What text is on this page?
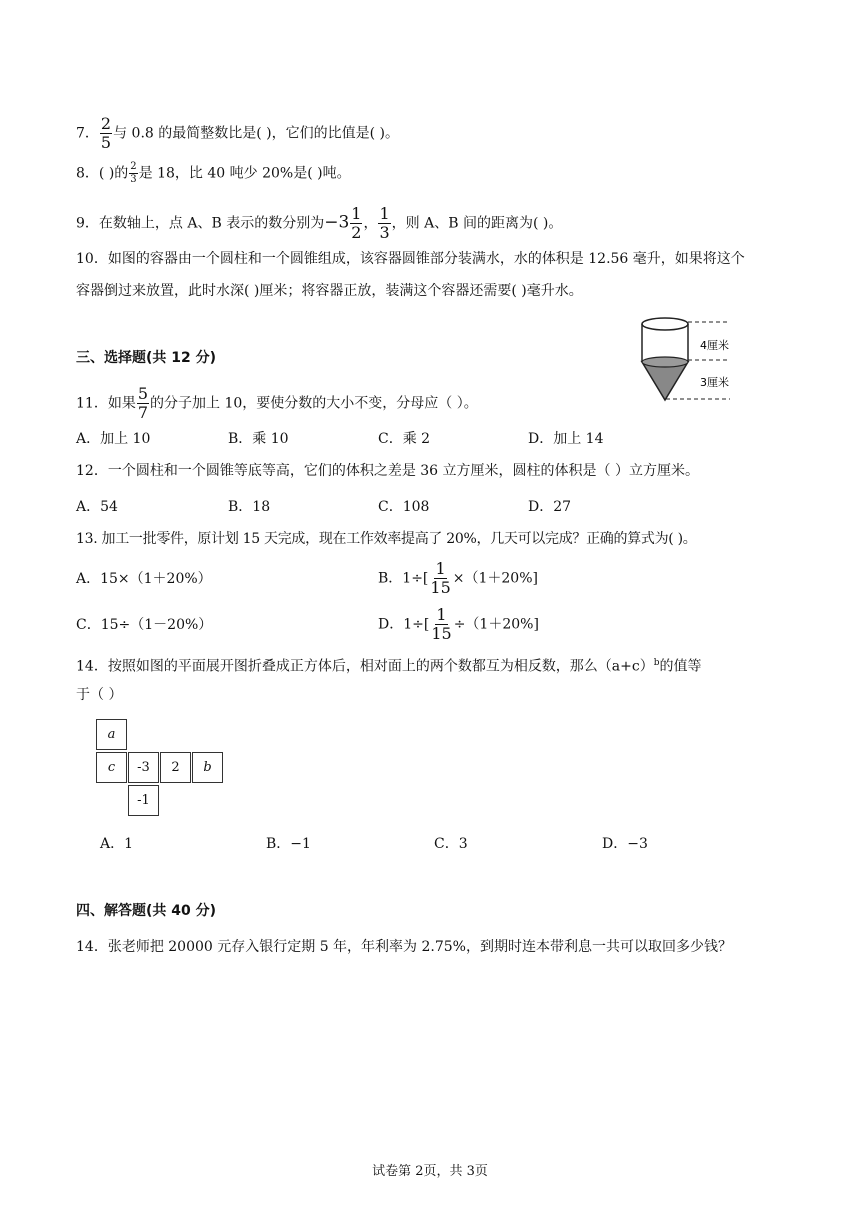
7． $\frac{2}{5}$ 与 0.8 的最简整数比是( )，它们的比值是( )。
8．( )的 $\frac{2}{3}$ 是 18，比 40 吨少 20%是( )吨。
9．在数轴上，点 A、B 表示的数分别为$-3 \frac{1}{2}$ ， $\frac{1}{3}$ ，则 A、B 间的距离为( )。
10．如图的容器由一个圆柱和一个圆锥组成，该容器圆锥部分装满水，水的体积是 12.56 毫升，如果将这个
容器倒过来放置，此时水深( )厘米；将容器正放，装满这个容器还需要( )毫升水。
4厘米
3厘米
三、选择题(共 12 分)
11．如果 $\frac{5}{7}$ 的分子加上 10，要使分数的大小不变，分母应（ ）。
A．加上 10	B．乘 10	C．乘 2	D．加上 14
12．一个圆柱和一个圆锥等底等高，它们的体积之差是 36 立方厘米，圆柱的体积是（ ）立方厘米。
A．54	B．18	C．108	D．27
13. 加工一批零件，原计划 15 天完成，现在工作效率提高了 20%，几天可以完成？正确的算式为( )。
A．15×（1＋20%）	B．$1\div[ \frac{1}{15} \times(1+20\%]$
C．15÷（1－20%）	D．$1\div[ \frac{1}{15} \div(1+20\%]$
14．按照如图的平面展开图折叠成正方体后，相对面上的两个数都互为相反数，那么$(a+c)^b$的值等
于（ ）
a
c	-3	2	b
-1
A．1	B．−1	C．3	D．−3
四、解答题(共 40 分)
14．张老师把 20000 元存入银行定期 5 年，年利率为 2.75%，到期时连本带利息一共可以取回多少钱？
试卷第 2页，共 3页
